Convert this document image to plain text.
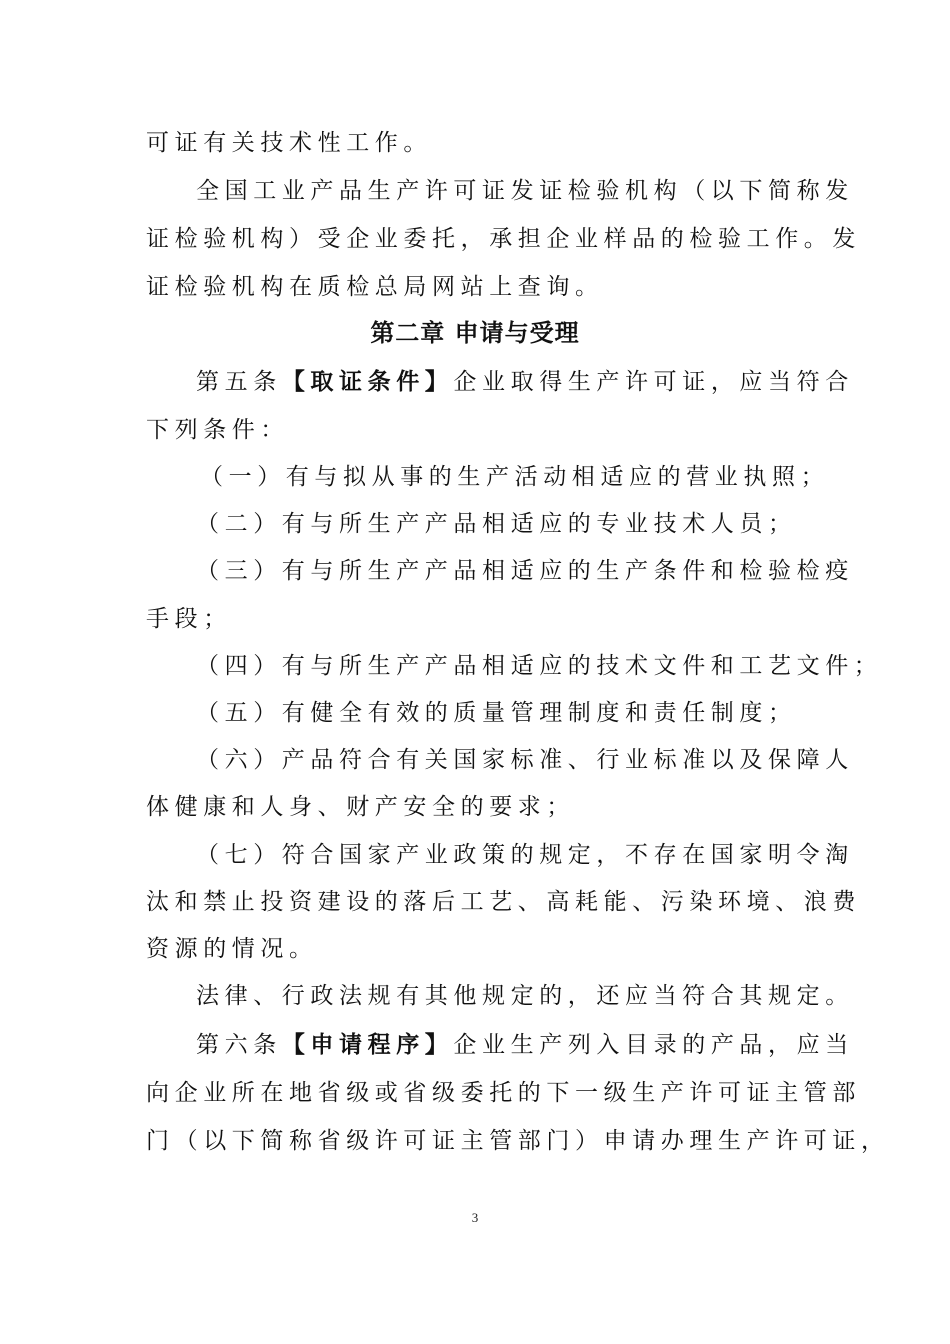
可证有关技术性工作。
全国工业产品生产许可证发证检验机构（以下简称发
证检验机构）受企业委托，承担企业样品的检验工作。发
证检验机构在质检总局网站上查询。
第二章 申请与受理
第五条【取证条件】企业取得生产许可证，应当符合
下列条件：
（一）有与拟从事的生产活动相适应的营业执照；
（二）有与所生产产品相适应的专业技术人员；
（三）有与所生产产品相适应的生产条件和检验检疫
手段；
（四）有与所生产产品相适应的技术文件和工艺文件；
（五）有健全有效的质量管理制度和责任制度；
（六）产品符合有关国家标准、行业标准以及保障人
体健康和人身、财产安全的要求；
（七）符合国家产业政策的规定，不存在国家明令淘
汰和禁止投资建设的落后工艺、高耗能、污染环境、浪费
资源的情况。
法律、行政法规有其他规定的，还应当符合其规定。
第六条【申请程序】企业生产列入目录的产品，应当
向企业所在地省级或省级委托的下一级生产许可证主管部
门（以下简称省级许可证主管部门）申请办理生产许可证，
3
